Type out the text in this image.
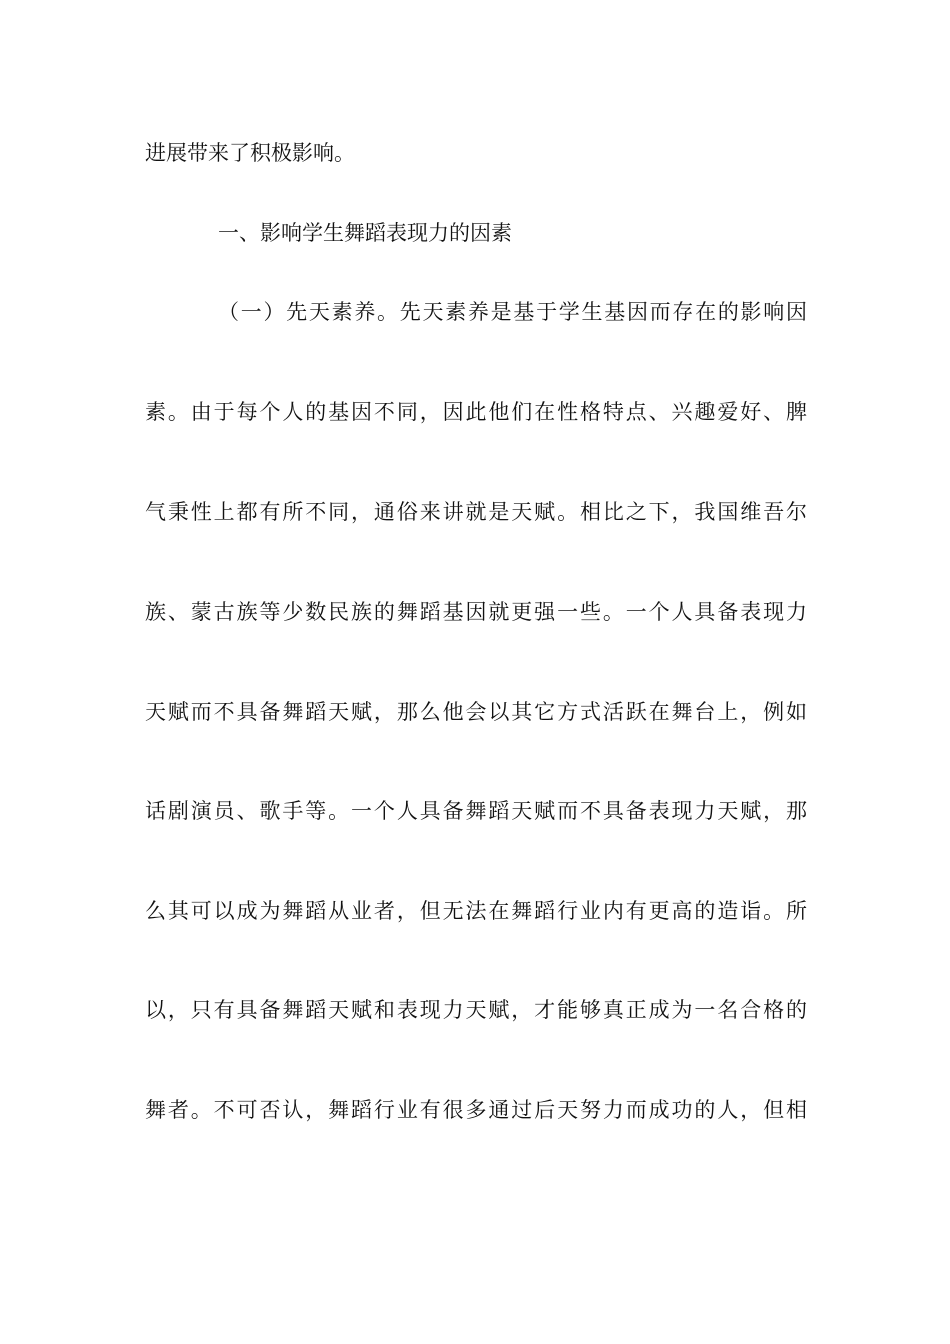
进展带来了积极影响。
一、影响学生舞蹈表现力的因素
（一）先天素养。先天素养是基于学生基因而存在的影响因
素。由于每个人的基因不同，因此他们在性格特点、兴趣爱好、脾
气秉性上都有所不同，通俗来讲就是天赋。相比之下，我国维吾尔
族、蒙古族等少数民族的舞蹈基因就更强一些。一个人具备表现力
天赋而不具备舞蹈天赋，那么他会以其它方式活跃在舞台上，例如
话剧演员、歌手等。一个人具备舞蹈天赋而不具备表现力天赋，那
么其可以成为舞蹈从业者，但无法在舞蹈行业内有更高的造诣。所
以，只有具备舞蹈天赋和表现力天赋，才能够真正成为一名合格的
舞者。不可否认，舞蹈行业有很多通过后天努力而成功的人，但相
